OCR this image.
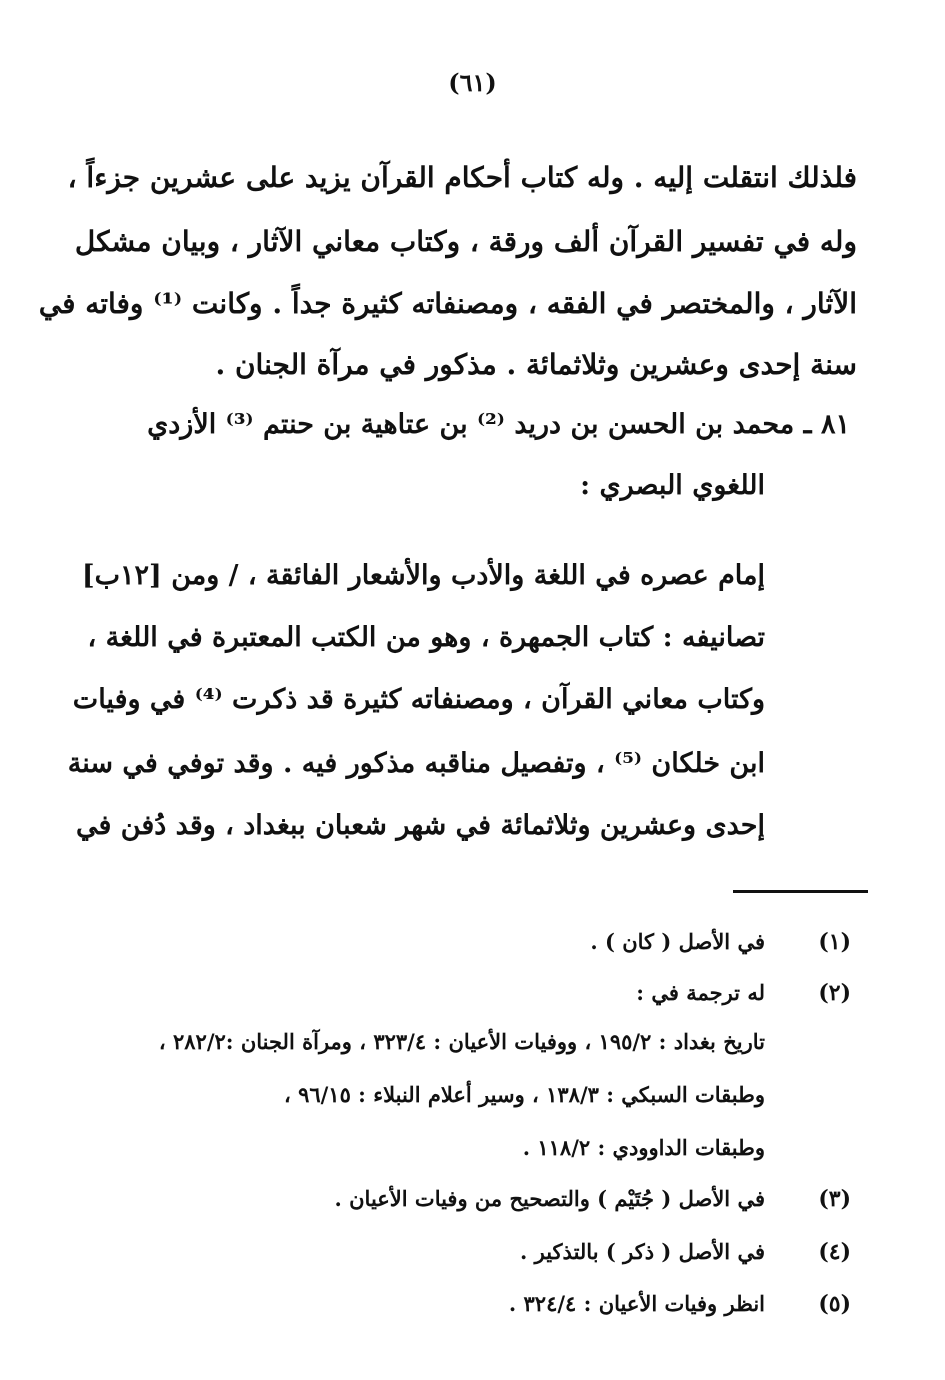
(٦١)
فلذلك انتقلت إليه . وله كتاب أحكام القرآن يزيد على عشرين جزءاً ،
وله في تفسير القرآن ألف ورقة ، وكتاب معاني الآثار ، وبيان مشكل
الآثار ، والمختصر في الفقه ، ومصنفاته كثيرة جداً . وكانت ⁽¹⁾ وفاته في
سنة إحدى وعشرين وثلاثمائة . مذكور في مرآة الجنان .
٨١ ـ محمد بن الحسن بن دريد ⁽²⁾ بن عتاهية بن حنتم ⁽³⁾ الأزدي
اللغوي البصري :
إمام عصره في اللغة والأدب والأشعار الفائقة ، / ومن [١٢ب]
تصانيفه : كتاب الجمهرة ، وهو من الكتب المعتبرة في اللغة ،
وكتاب معاني القرآن ، ومصنفاته كثيرة قد ذكرت ⁽⁴⁾ في وفيات
ابن خلكان ⁽⁵⁾ ، وتفصيل مناقبه مذكور فيه . وقد توفي في سنة
إحدى وعشرين وثلاثمائة في شهر شعبان ببغداد ، وقد دُفن في
(١)
في الأصل ( كان ) .
(٢)
له ترجمة في :
تاريخ بغداد : ١٩٥/٢ ، ووفيات الأعيان : ٣٢٣/٤ ، ومرآة الجنان :٢٨٢/٢ ،
وطبقات السبكي : ١٣٨/٣ ، وسير أعلام النبلاء : ٩٦/١٥ ،
وطبقات الداوودي : ١١٨/٢ .
(٣)
في الأصل ( جُتَيْم ) والتصحيح من وفيات الأعيان .
(٤)
في الأصل ( ذكر ) بالتذكير .
(٥)
انظر وفيات الأعيان : ٣٢٤/٤ .
